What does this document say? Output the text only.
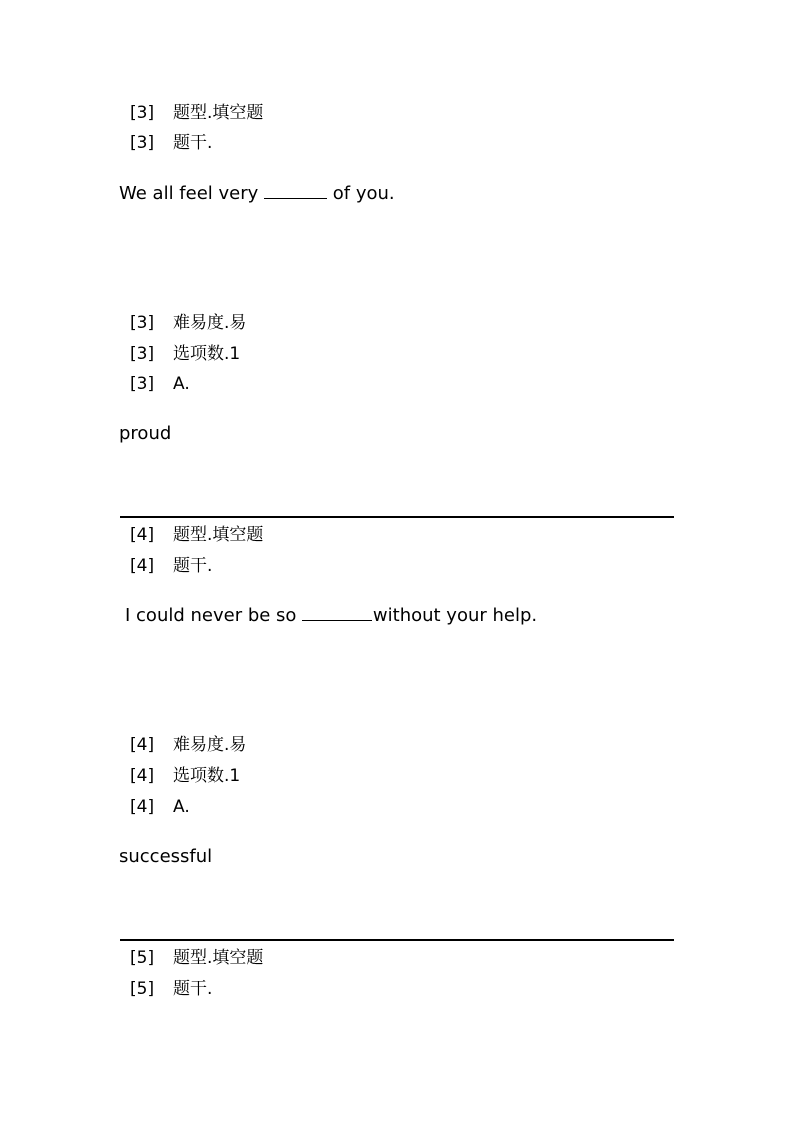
[3] 题型.填空题
[3] 题干.
We all feel very	of you.
[3] 难易度.易
[3] 选项数.1
[3] A.
proud
[4] 题型.填空题
[4] 题干.
I could never be so	without your help.
[4] 难易度.易
[4] 选项数.1
[4] A.
successful
[5] 题型.填空题
[5] 题干.
